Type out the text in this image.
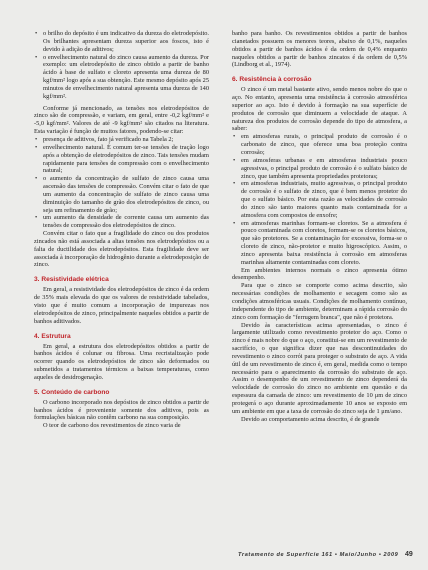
• o brilho do depósito é um indicativo da dureza do eletrodepósito. Os brilhantes apresentam dureza superior aos foscos, isto é devido à adição de aditivos;
• o envelhecimento natural do zinco causa aumento da dureza. Por exemplo: um eletrodepósito de zinco obtido a partir de banho ácido à base de sulfato e cloreto apresenta uma dureza de 80 kgf/mm² logo após a sua obtenção. Este mesmo depósito após 25 minutos de envelhecimento natural apresenta uma dureza de 140 kgf/mm².

Conforme já mencionado, as tensões nos eletrodepósitos de zinco são de compressão, e variam, em geral, entre -0,2 kgf/mm² e -5,0 kgf/mm². Valores de até -9 kgf/mm² são citados na literatura. Esta variação é função de muitos fatores, podendo-se citar:

• presença de aditivos, fato já verificado na Tabela 2;
• envelhecimento natural. É comum ter-se tensões de tração logo após a obtenção de eletrodepósitos de zinco. Tais tensões mudam rapidamente para tensões de compressão com o envelhecimento natural;
• o aumento da concentração de sulfato de zinco causa uma ascensão das tensões de compressão. Convém citar o fato de que um aumento da concentração de sulfato de zinco causa uma diminuição do tamanho de grão dos eletrodepósitos de zinco, ou seja um refinamento de grão;
• um aumento da densidade de corrente causa um aumento das tensões de compressão dos eletrodepósitos de zinco.

Convém citar o fato que a fragilidade do zinco ou dos produtos zincados não está associada a altas tensões nos eletrodepósitos ou a falta de ductilidade dos eletrodepósitos. Esta fragilidade deve ser associada à incorporação de hidrogênio durante a eletrodeposição de zinco.

3. Resistividade elétrica

Em geral, a resistividade dos eletrodepósitos de zinco é da ordem de 35% mais elevada do que os valores de resistividade tabelados, visto que é muito comum a incorporação de impurezas nos eletrodepósitos de zinco, principalmente naqueles obtidos a partir de banhos aditivados.

4. Estrutura

Em geral, a estrutura dos eletrodepósitos obtidos a partir de banhos ácidos é colunar ou fibrosa. Uma recristalização pode ocorrer quando os eletrodepósitos de zinco são deformados ou submetidos a tratamentos térmicos a baixas temperaturas, como aqueles de desidrogenação.

5. Conteúdo de carbono

O carbono incorporado nos depósitos de zinco obtidos a partir de banhos ácidos é proveniente somente dos aditivos, pois as formulações básicas não contêm carbono na sua composição.

O teor de carbono dos revestimentos de zinco varia de

banho para banho. Os revestimentos obtidos a partir de banhos cianetados possuem os menores teores, abaixo de 0,1%, naqueles obtidos a partir de banhos ácidos é da ordem de 0,4% enquanto naqueles obtidos a partir de banhos zincatos é da ordem de 0,5% (Lindborg et al., 1974).

6. Resistência à corrosão

O zinco é um metal bastante ativo, sendo menos nobre do que o aço. No entanto, apresenta uma resistência à corrosão atmosférica superior ao aço. Isto é devido à formação na sua superfície de produtos de corrosão que diminuem a velocidade de ataque. A natureza dos produtos de corrosão depende do tipo de atmosfera, a saber:

• em atmosferas rurais, o principal produto de corrosão é o carbonato de zinco, que oferece uma boa proteção contra corrosão;
• em atmosferas urbanas e em atmosferas industriais pouco agressivas, o principal produto de corrosão é o sulfato básico de zinco, que também apresenta propriedades protetoras;
• em atmosferas industriais, muito agressivas, o principal produto de corrosão é o sulfato de zinco, que é bem menos protetor do que o sulfato básico. Por esta razão as velocidades de corrosão do zinco são tanto maiores quanto mais contaminada for a atmosfera com compostos de enxofre;
• em atmosferas marinhas formam-se cloretos. Se a atmosfera é pouco contaminada com cloretos, formam-se os cloretos básicos, que são protetores. Se a contaminação for excessiva, forma-se o cloreto de zinco, não-protetor e muito higroscópico. Assim, o zinco apresenta baixa resistência à corrosão em atmosferas marinhas altamente contaminadas com cloreto.

Em ambientes internos normais o zinco apresenta ótimo desempenho.

Para que o zinco se comporte como acima descrito, são necessárias condições de molhamento e secagem como são as condições atmosféricas usuais. Condições de molhamento contínuo, independente do tipo de ambiente, determinam a rápida corrosão do zinco com formação de "ferrugem branca", que não é protetora.

Devido às características acima apresentadas, o zinco é largamente utilizado como revestimento protetor do aço. Como o zinco é mais nobre do que o aço, constitui-se em um revestimento de sacrifício, o que significa dizer que nas descontinuidades do revestimento o zinco corrói para proteger o substrato de aço. A vida útil de um revestimento de zinco é, em geral, medida como o tempo necessário para o aparecimento da corrosão do substrato de aço. Assim o desempenho de um revestimento de zinco dependerá da velocidade de corrosão do zinco no ambiente em questão e da espessura da camada de zinco: um revestimento de 10 μm de zinco protegerá o aço durante aproximadamente 10 anos se exposto em um ambiente em que a taxa de corrosão do zinco seja de 1 μm/ano.

Devido ao comportamento acima descrito, é de grande

Tratamento de Superfície 161 • Maio/Junho • 2009 49
